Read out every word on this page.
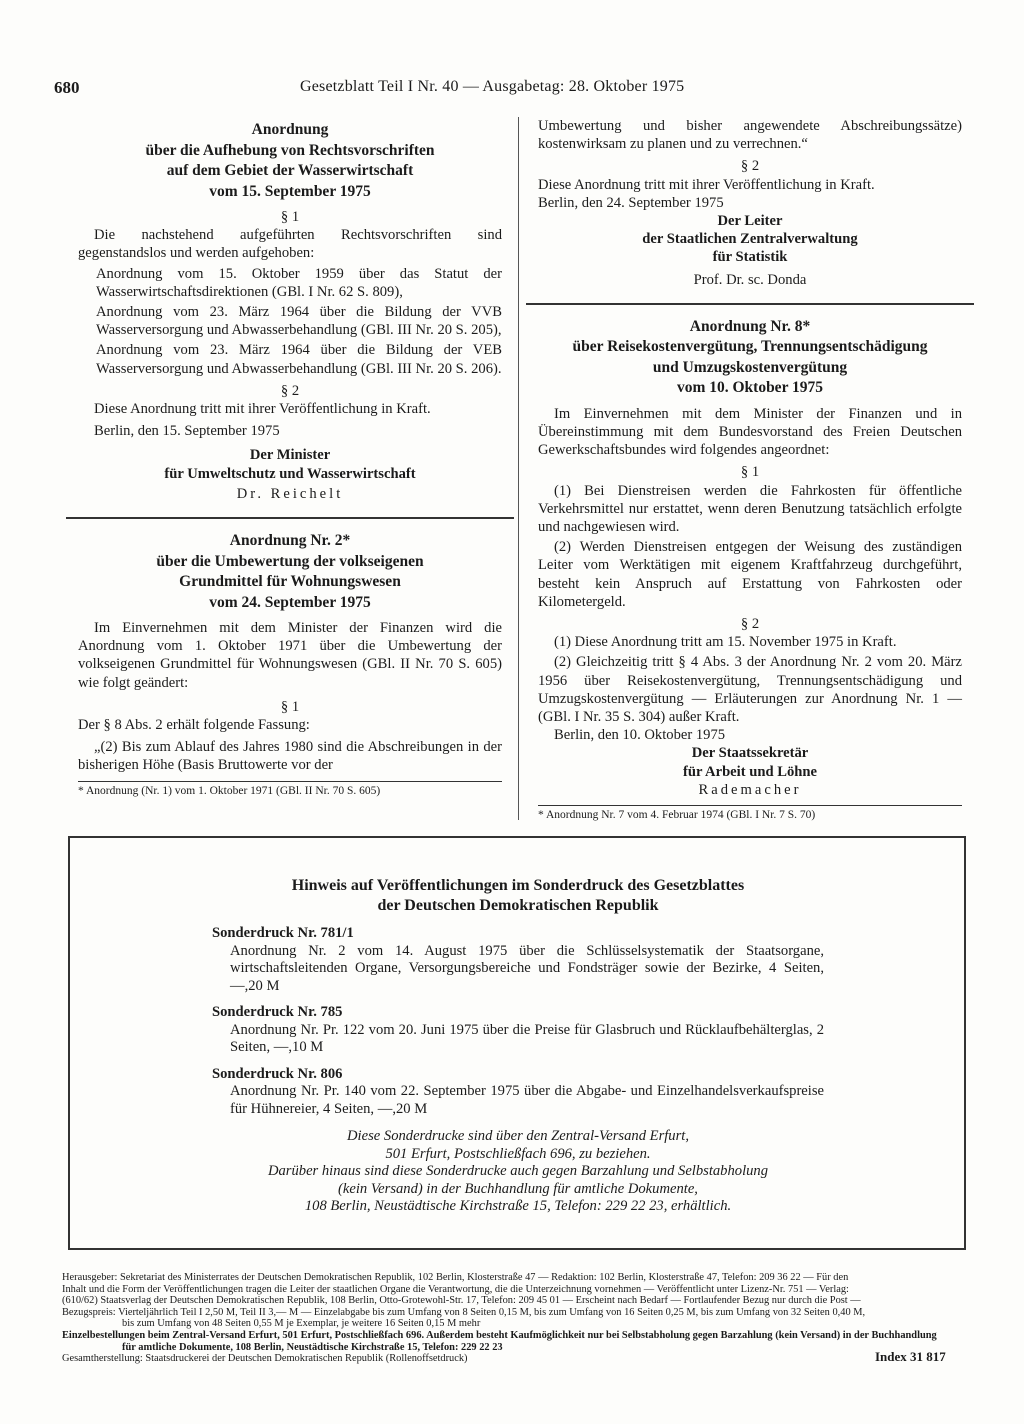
680	Gesetzblatt Teil I Nr. 40 — Ausgabetag: 28. Oktober 1975
Anordnung
über die Aufhebung von Rechtsvorschriften
auf dem Gebiet der Wasserwirtschaft
vom 15. September 1975
§ 1
Die nachstehend aufgeführten Rechtsvorschriften sind gegenstandslos und werden aufgehoben:
Anordnung vom 15. Oktober 1959 über das Statut der Wasserwirtschaftsdirektionen (GBl. I Nr. 62 S. 809),
Anordnung vom 23. März 1964 über die Bildung der VVB Wasserversorgung und Abwasserbehandlung (GBl. III Nr. 20 S. 205),
Anordnung vom 23. März 1964 über die Bildung der VEB Wasserversorgung und Abwasserbehandlung (GBl. III Nr. 20 S. 206).
§ 2
Diese Anordnung tritt mit ihrer Veröffentlichung in Kraft.
Berlin, den 15. September 1975
Der Minister
für Umweltschutz und Wasserwirtschaft
Dr. Reichelt
Anordnung Nr. 2*
über die Umbewertung der volkseigenen
Grundmittel für Wohnungswesen
vom 24. September 1975
Im Einvernehmen mit dem Minister der Finanzen wird die Anordnung vom 1. Oktober 1971 über die Umbewertung der volkseigenen Grundmittel für Wohnungswesen (GBl. II Nr. 70 S. 605) wie folgt geändert:
§ 1
Der § 8 Abs. 2 erhält folgende Fassung:
„(2) Bis zum Ablauf des Jahres 1980 sind die Abschreibungen in der bisherigen Höhe (Basis Bruttowerte vor der
* Anordnung (Nr. 1) vom 1. Oktober 1971 (GBl. II Nr. 70 S. 605)
Umbewertung und bisher angewendete Abschreibungssätze) kostenwirksam zu planen und zu verrechnen.“
§ 2
Diese Anordnung tritt mit ihrer Veröffentlichung in Kraft.
Berlin, den 24. September 1975
Der Leiter
der Staatlichen Zentralverwaltung
für Statistik
Prof. Dr. sc. Donda
Anordnung Nr. 8*
über Reisekostenvergütung, Trennungsentschädigung
und Umzugskostenvergütung
vom 10. Oktober 1975
Im Einvernehmen mit dem Minister der Finanzen und in Übereinstimmung mit dem Bundesvorstand des Freien Deutschen Gewerkschaftsbundes wird folgendes angeordnet:
§ 1
(1) Bei Dienstreisen werden die Fahrkosten für öffentliche Verkehrsmittel nur erstattet, wenn deren Benutzung tatsächlich erfolgte und nachgewiesen wird.
(2) Werden Dienstreisen entgegen der Weisung des zuständigen Leiter vom Werktätigen mit eigenem Kraftfahrzeug durchgeführt, besteht kein Anspruch auf Erstattung von Fahrkosten oder Kilometergeld.
§ 2
(1) Diese Anordnung tritt am 15. November 1975 in Kraft.
(2) Gleichzeitig tritt § 4 Abs. 3 der Anordnung Nr. 2 vom 20. März 1956 über Reisekostenvergütung, Trennungsentschädigung und Umzugskostenvergütung — Erläuterungen zur Anordnung Nr. 1 — (GBl. I Nr. 35 S. 304) außer Kraft.
Berlin, den 10. Oktober 1975
Der Staatssekretär
für Arbeit und Löhne
Rademacher
* Anordnung Nr. 7 vom 4. Februar 1974 (GBl. I Nr. 7 S. 70)
Hinweis auf Veröffentlichungen im Sonderdruck des Gesetzblattes
der Deutschen Demokratischen Republik
Sonderdruck Nr. 781/1
Anordnung Nr. 2 vom 14. August 1975 über die Schlüsselsystematik der Staatsorgane, wirtschaftsleitenden Organe, Versorgungsbereiche und Fondsträger sowie der Bezirke, 4 Seiten, —,20 M
Sonderdruck Nr. 785
Anordnung Nr. Pr. 122 vom 20. Juni 1975 über die Preise für Glasbruch und Rücklaufbehälterglas, 2 Seiten, —,10 M
Sonderdruck Nr. 806
Anordnung Nr. Pr. 140 vom 22. September 1975 über die Abgabe- und Einzelhandelsverkaufspreise für Hühnereier, 4 Seiten, —,20 M
Diese Sonderdrucke sind über den Zentral-Versand Erfurt,
501 Erfurt, Postschließfach 696, zu beziehen.
Darüber hinaus sind diese Sonderdrucke auch gegen Barzahlung und Selbstabholung
(kein Versand) in der Buchhandlung für amtliche Dokumente,
108 Berlin, Neustädtische Kirchstraße 15, Telefon: 229 22 23, erhältlich.
Herausgeber: Sekretariat des Ministerrates der Deutschen Demokratischen Republik, 102 Berlin, Klosterstraße 47 — Redaktion: 102 Berlin, Klosterstraße 47, Telefon: 209 36 22 — Für den
Inhalt und die Form der Veröffentlichungen tragen die Leiter der staatlichen Organe die Verantwortung, die die Unterzeichnung vornehmen — Veröffentlicht unter Lizenz-Nr. 751 — Verlag:
(610/62) Staatsverlag der Deutschen Demokratischen Republik, 108 Berlin, Otto-Grotewohl-Str. 17, Telefon: 209 45 01 — Erscheint nach Bedarf — Fortlaufender Bezug nur durch die Post —
Bezugspreis: Vierteljährlich Teil I 2,50 M, Teil II 3,— M — Einzelabgabe bis zum Umfang von 8 Seiten 0,15 M, bis zum Umfang von 16 Seiten 0,25 M, bis zum Umfang von 32 Seiten 0,40 M,
bis zum Umfang von 48 Seiten 0,55 M je Exemplar, je weitere 16 Seiten 0,15 M mehr
Einzelbestellungen beim Zentral-Versand Erfurt, 501 Erfurt, Postschließfach 696. Außerdem besteht Kaufmöglichkeit nur bei Selbstabholung gegen Barzahlung (kein Versand) in der Buchhandlung
für amtliche Dokumente, 108 Berlin, Neustädtische Kirchstraße 15, Telefon: 229 22 23
Gesamtherstellung: Staatsdruckerei der Deutschen Demokratischen Republik (Rollenoffsetdruck)	Index 31 817
